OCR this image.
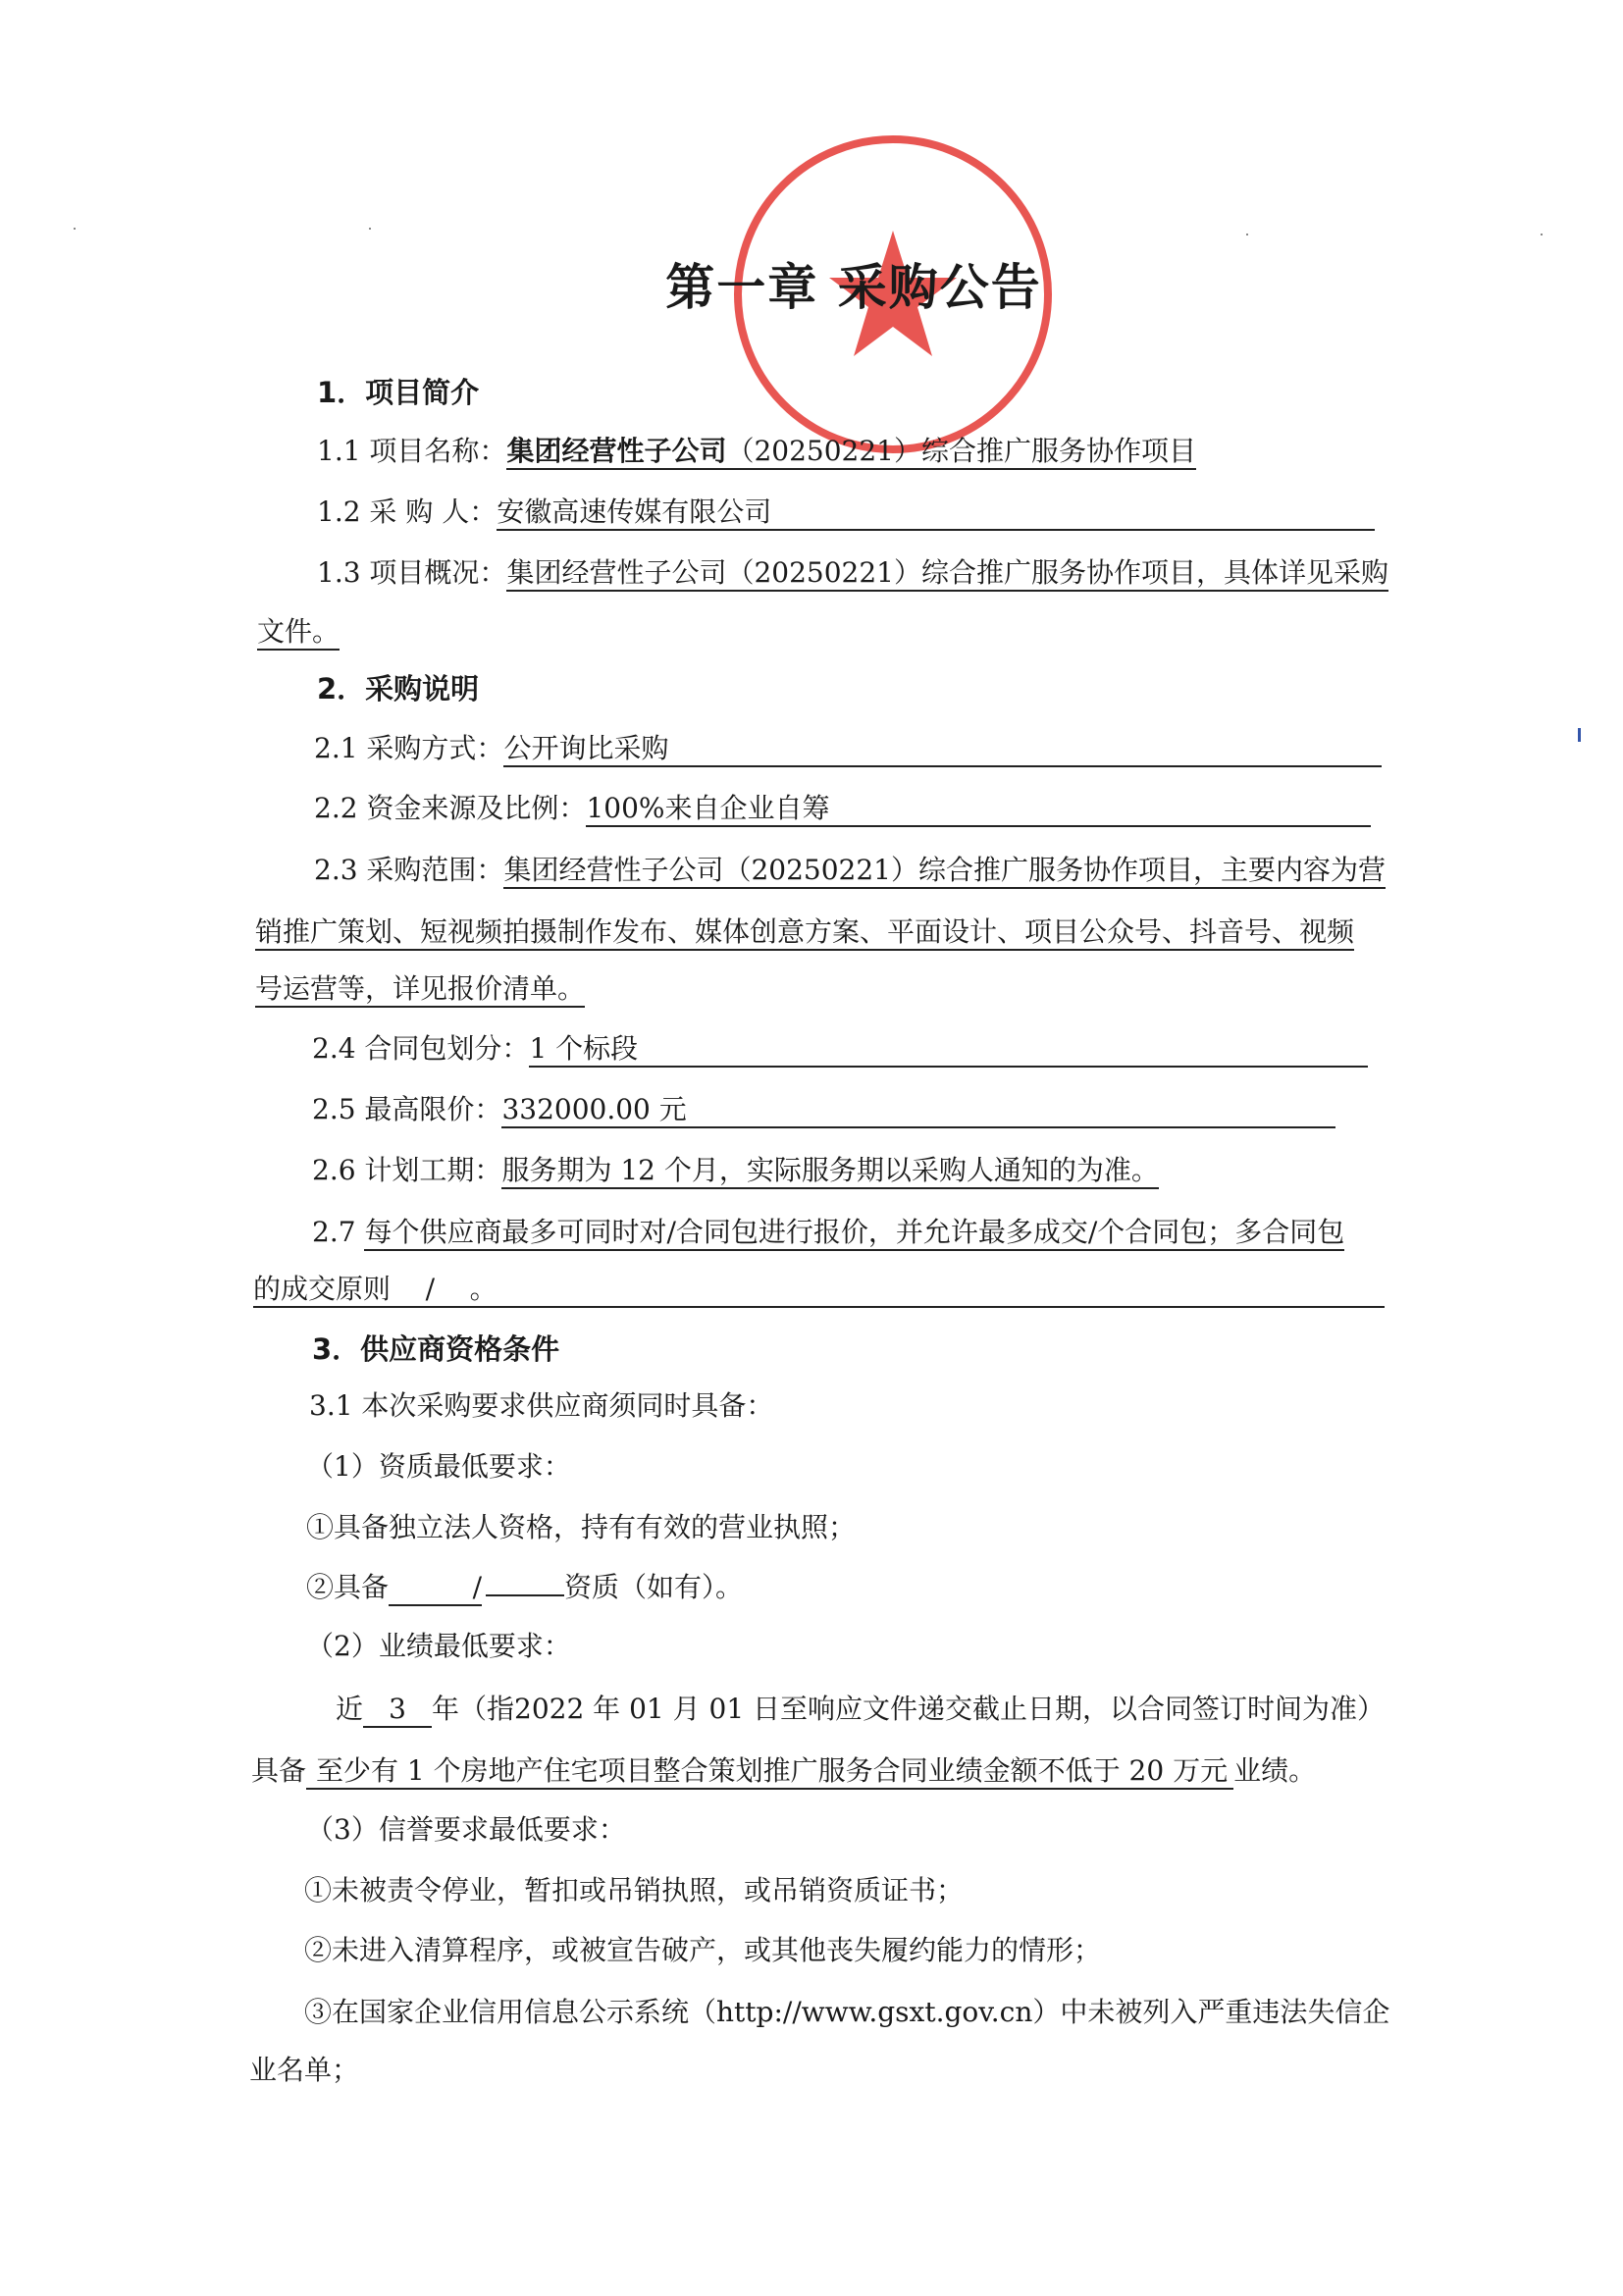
第一章 采购公告
1．项目简介
1.1 项目名称：集团经营性子公司（20250221）综合推广服务协作项目
1.2 采 购 人：安徽高速传媒有限公司
1.3 项目概况：集团经营性子公司（20250221）综合推广服务协作项目，具体详见采购
文件。
2．采购说明
2.1 采购方式：公开询比采购
2.2 资金来源及比例：100%来自企业自筹
2.3 采购范围：集团经营性子公司（20250221）综合推广服务协作项目，主要内容为营
销推广策划、短视频拍摄制作发布、媒体创意方案、平面设计、项目公众号、抖音号、视频
号运营等，详见报价清单。
2.4 合同包划分：1 个标段
2.5 最高限价：332000.00 元
2.6 计划工期：服务期为 12 个月，实际服务期以采购人通知的为准。
2.7 每个供应商最多可同时对/合同包进行报价，并允许最多成交/个合同包；多合同包
的成交原则    /    。
3．供应商资格条件
3.1 本次采购要求供应商须同时具备：
（1）资质最低要求：
①具备独立法人资格，持有有效的营业执照；
②具备	/	资质（如有）。
（2）业绩最低要求：
近 3 年（指2022 年 01 月 01 日至响应文件递交截止日期，以合同签订时间为准）
具备 至少有 1 个房地产住宅项目整合策划推广服务合同业绩金额不低于 20 万元 业绩。
（3）信誉要求最低要求：
①未被责令停业，暂扣或吊销执照，或吊销资质证书；
②未进入清算程序，或被宣告破产，或其他丧失履约能力的情形；
③在国家企业信用信息公示系统（http://www.gsxt.gov.cn）中未被列入严重违法失信企
业名单；
